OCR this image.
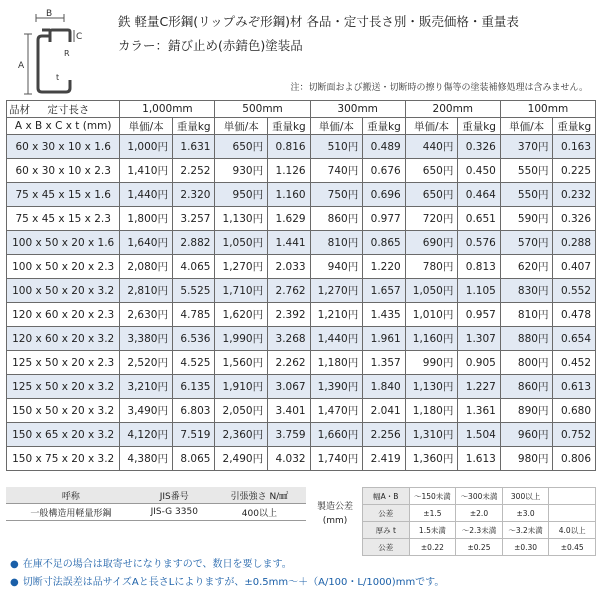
B
C
A
R
t
鉄 軽量C形鋼(リップみぞ形鋼)材 各品・定寸長さ別・販売価格・重量表
カラー：錆び止め(赤錆色)塗装品
注：切断面および搬送・切断時の擦り傷等の塗装補修処理は含みません。
品材 定寸長さ	1,000mm		500mm		300mm		200mm		100mm	
A x B x C x t (mm)	単価/本	重量kg	単価/本	重量kg	単価/本	重量kg	単価/本	重量kg	単価/本	重量kg
60 x 30 x 10 x 1.6	1,000円	1.631	650円	0.816	510円	0.489	440円	0.326	370円	0.163
60 x 30 x 10 x 2.3	1,410円	2.252	930円	1.126	740円	0.676	650円	0.450	550円	0.225
75 x 45 x 15 x 1.6	1,440円	2.320	950円	1.160	750円	0.696	650円	0.464	550円	0.232
75 x 45 x 15 x 2.3	1,800円	3.257	1,130円	1.629	860円	0.977	720円	0.651	590円	0.326
100 x 50 x 20 x 1.6	1,640円	2.882	1,050円	1.441	810円	0.865	690円	0.576	570円	0.288
100 x 50 x 20 x 2.3	2,080円	4.065	1,270円	2.033	940円	1.220	780円	0.813	620円	0.407
100 x 50 x 20 x 3.2	2,810円	5.525	1,710円	2.762	1,270円	1.657	1,050円	1.105	830円	0.552
120 x 60 x 20 x 2.3	2,630円	4.785	1,620円	2.392	1,210円	1.435	1,010円	0.957	810円	0.478
120 x 60 x 20 x 3.2	3,380円	6.536	1,990円	3.268	1,440円	1.961	1,160円	1.307	880円	0.654
125 x 50 x 20 x 2.3	2,520円	4.525	1,560円	2.262	1,180円	1.357	990円	0.905	800円	0.452
125 x 50 x 20 x 3.2	3,210円	6.135	1,910円	3.067	1,390円	1.840	1,130円	1.227	860円	0.613
150 x 50 x 20 x 3.2	3,490円	6.803	2,050円	3.401	1,470円	2.041	1,180円	1.361	890円	0.680
150 x 65 x 20 x 3.2	4,120円	7.519	2,360円	3.759	1,660円	2.256	1,310円	1.504	960円	0.752
150 x 75 x 20 x 3.2	4,380円	8.065	2,490円	4.032	1,740円	2.419	1,360円	1.613	980円	0.806
呼称	JIS番号	引張強さ N/㎟
一般構造用軽量形鋼	JIS-G 3350	400以上
製造公差
(mm)
幅A・B	～150未満	～300未満	300以上	
公差	±1.5	±2.0	±3.0	
厚み t	1.5未満	～2.3未満	～3.2未満	4.0以上
公差	±0.22	±0.25	±0.30	±0.45
● 在庫不足の場合は取寄せになりますので、数日を要します。
● 切断寸法誤差は品サイズAと長さLによりますが、±0.5mm～＋（A/100・L/1000)mmです。
